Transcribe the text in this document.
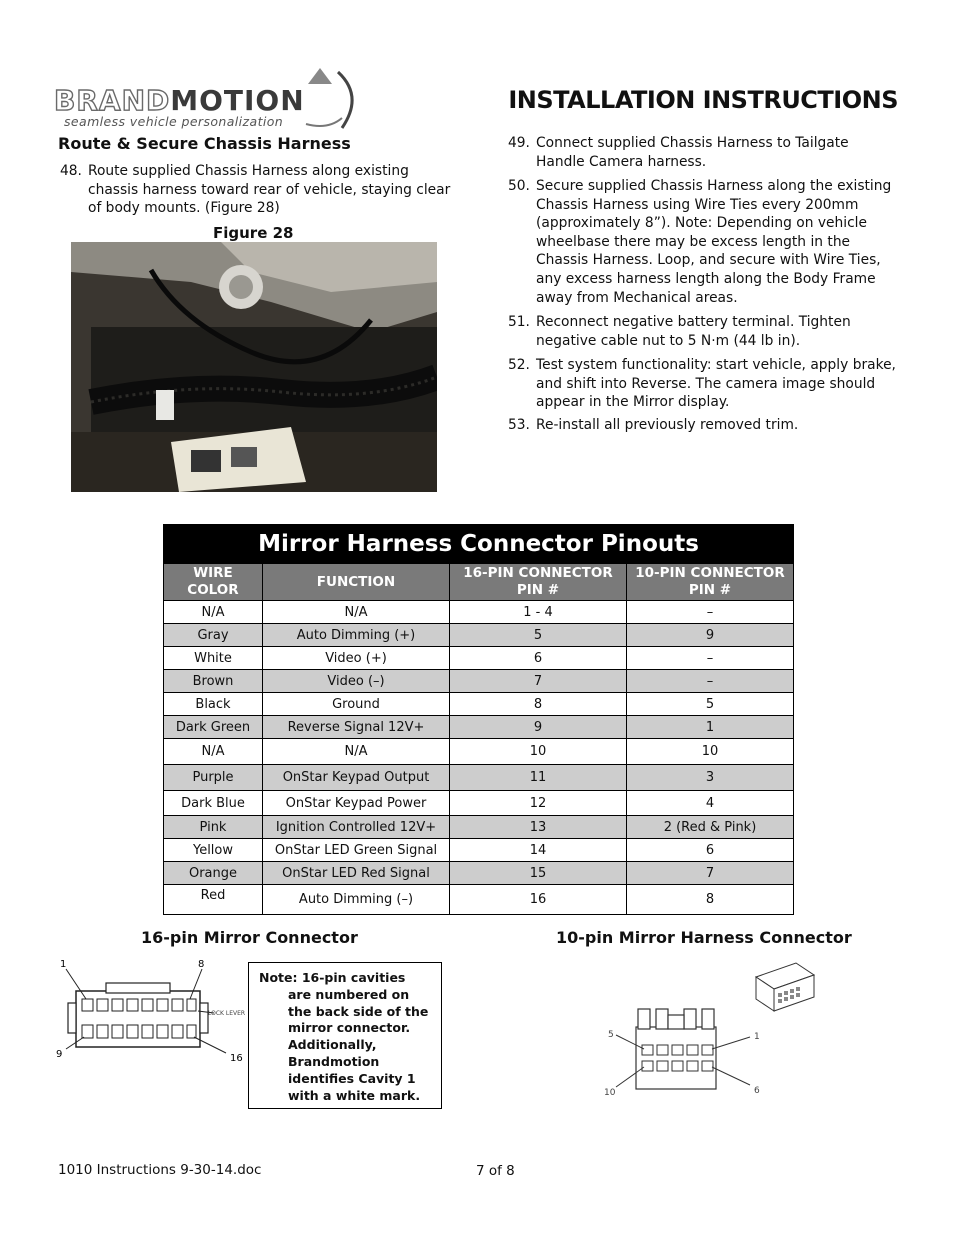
BRANDMOTION
seamless vehicle personalization
INSTALLATION INSTRUCTIONS
Route & Secure Chassis Harness
48. Route supplied Chassis Harness along existing chassis harness toward rear of vehicle, staying clear of body mounts. (Figure 28)
Figure 28
49. Connect supplied Chassis Harness to Tailgate Handle Camera harness.
50. Secure supplied Chassis Harness along the existing Chassis Harness using Wire Ties every 200mm (approximately 8”). Note: Depending on vehicle wheelbase there may be excess length in the Chassis Harness. Loop, and secure with Wire Ties, any excess harness length along the Body Frame away from Mechanical areas.
51. Reconnect negative battery terminal. Tighten negative cable nut to 5 N·m (44 lb in).
52. Test system functionality: start vehicle, apply brake, and shift into Reverse. The camera image should appear in the Mirror display.
53. Re-install all previously removed trim.
Mirror Harness Connector Pinouts			
WIRE COLOR	FUNCTION	16-PIN CONNECTOR PIN #	10-PIN CONNECTOR PIN #
N/A	N/A	1 - 4	–
Gray	Auto Dimming (+)	5	9
White	Video (+)	6	–
Brown	Video (–)	7	–
Black	Ground	8	5
Dark Green	Reverse Signal 12V+	9	1
N/A	N/A	10	10
Purple	OnStar Keypad Output	11	3
Dark Blue	OnStar Keypad Power	12	4
Pink	Ignition Controlled 12V+	13	2 (Red & Pink)
Yellow	OnStar LED Green Signal	14	6
Orange	OnStar LED Red Signal	15	7
Red	Auto Dimming (–)	16	8
16-pin Mirror Connector	10-pin Mirror Harness Connector
1	8
9	16
LOCK LEVER
Note: 16-pin cavities
are numbered on
the back side of the
mirror connector.
Additionally,
Brandmotion
identifies Cavity 1
with a white mark.
5	1
10	6
1010 Instructions 9-30-14.doc	7 of 8
